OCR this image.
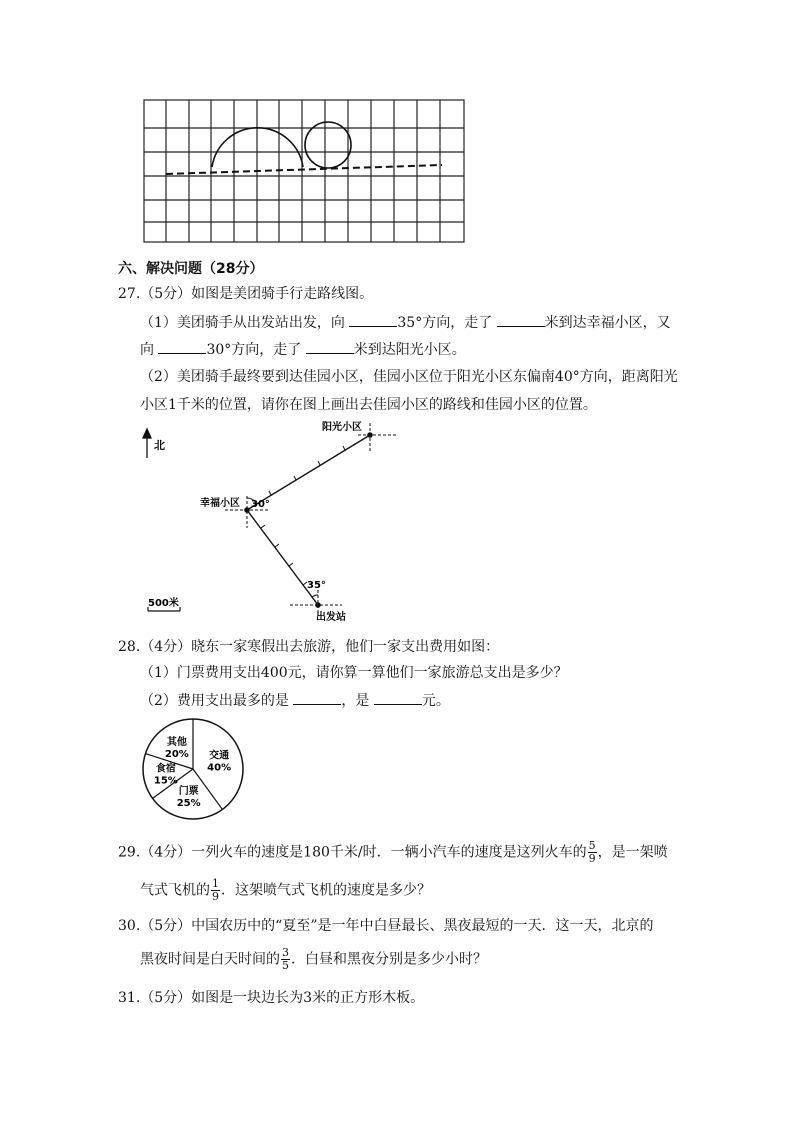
六、解决问题（28分）
27.（5分）如图是美团骑手行走路线图。
（1）美团骑手从出发站出发，向	35°方向，走了	米到达幸福小区，又
向	30°方向，走了	米到达阳光小区。
（2）美团骑手最终要到达佳园小区，佳园小区位于阳光小区东偏南40°方向，距离阳光
小区1千米的位置，请你在图上画出去佳园小区的路线和佳园小区的位置。
北
幸福小区
阳光小区
出发站
30°
35°
500米
28.（4分）晓东一家寒假出去旅游，他们一家支出费用如图：
（1）门票费用支出400元，请你算一算他们一家旅游总支出是多少？
（2）费用支出最多的是	，是	元。
交通
40%
门票
25%
食宿
15%
其他
20%
29.（4分）一列火车的速度是180千米/时．一辆小汽车的速度是这列火车的 $\frac{5}{9}$ ，是一架喷
气式飞机的 $\frac{1}{9}$ ．这架喷气式飞机的速度是多少？
30.（5分）中国农历中的“夏至”是一年中白昼最长、黑夜最短的一天．这一天，北京的
黑夜时间是白天时间的 $\frac{3}{5}$ ．白昼和黑夜分别是多少小时？
31.（5分）如图是一块边长为3米的正方形木板。
